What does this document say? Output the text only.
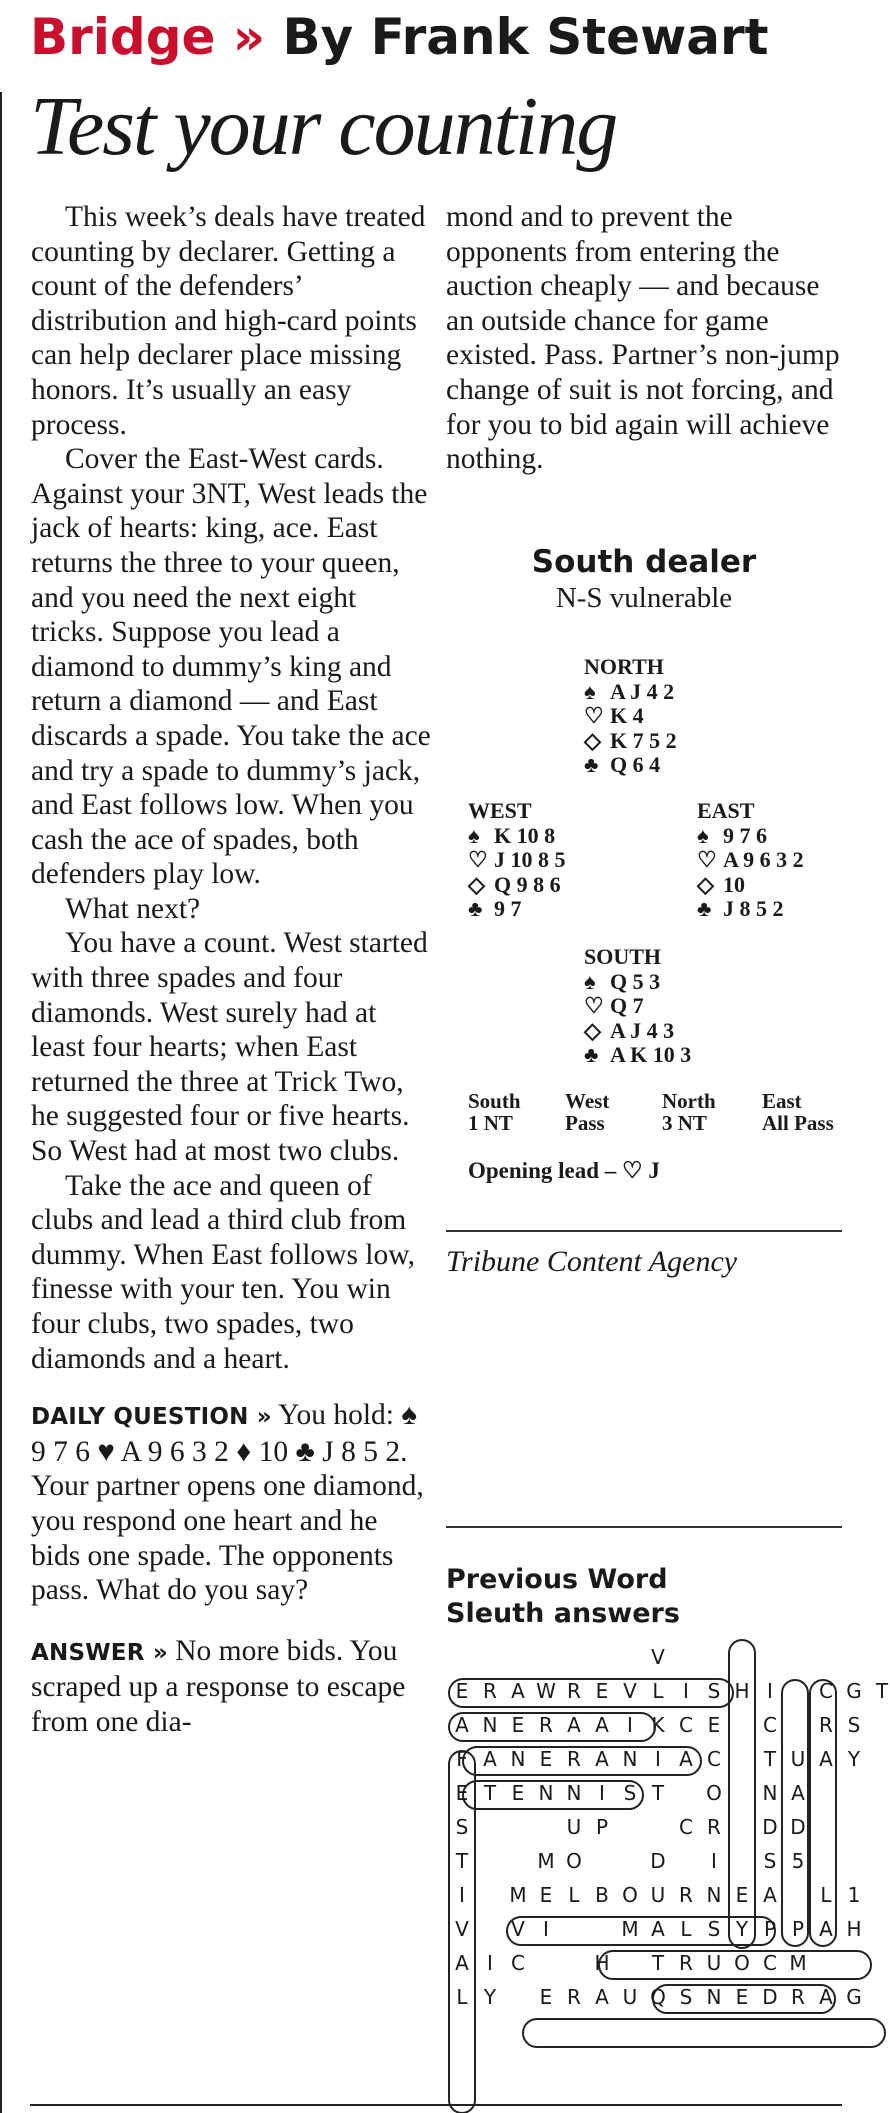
Bridge » By Frank Stewart
Test your counting

This week’s deals have treated counting by declarer. Getting a count of the defenders’ distribution and high-card points can help declarer place missing honors. It’s usually an easy process.

Cover the East-West cards. Against your 3NT, West leads the jack of hearts: king, ace. East returns the three to your queen, and you need the next eight tricks. Suppose you lead a diamond to dummy’s king and return a diamond — and East discards a spade. You take the ace and try a spade to dummy’s jack, and East follows low. When you cash the ace of spades, both defenders play low.

What next?

You have a count. West started with three spades and four diamonds. West surely had at least four hearts; when East returned the three at Trick Two, he suggested four or five hearts. So West had at most two clubs.

Take the ace and queen of clubs and lead a third club from dummy. When East follows low, finesse with your ten. You win four clubs, two spades, two diamonds and a heart.

DAILY QUESTION » You hold: ♠ 9 7 6 ♥ A 9 6 3 2 ♦ 10 ♣ J 8 5 2. Your partner opens one diamond, you respond one heart and he bids one spade. The opponents pass. What do you say?

ANSWER » No more bids. You scraped up a response to escape from one dia-

mond and to prevent the opponents from entering the auction cheaply — and because an outside chance for game existed. Pass. Partner’s non-jump change of suit is not forcing, and for you to bid again will achieve nothing.

South dealer
N-S vulnerable
NORTH
♠ A J 4 2
♡ K 4
◇ K 7 5 2
♣ Q 6 4
WEST
♠ K 10 8
♡ J 10 8 5
◇ Q 9 8 6
♣ 9 7
EAST
♠ 9 7 6
♡ A 9 6 3 2
◇ 10
♣ J 8 5 2
SOUTH
♠ Q 5 3
♡ Q 7
◇ A J 4 3
♣ A K 10 3
South
1 NT
West
Pass
North
3 NT
East
All Pass
Opening lead – ♡ J
Tribune Content Agency
Previous Word
Sleuth answers
V
E R A W R E V L I S H I	C G T
A N E R A A I K C E	C	R S
F A N E R A N I A C	T U A Y
E T E N N I S T	O	N A
S	U P	C R	D D
T	M O	D	I	S 5
I	M E L B O U R N E A	L 1
V	V I	M A L S Y P P A H
A I C	H	T R U O C M
L Y	E R A U Q S N E D R A G
